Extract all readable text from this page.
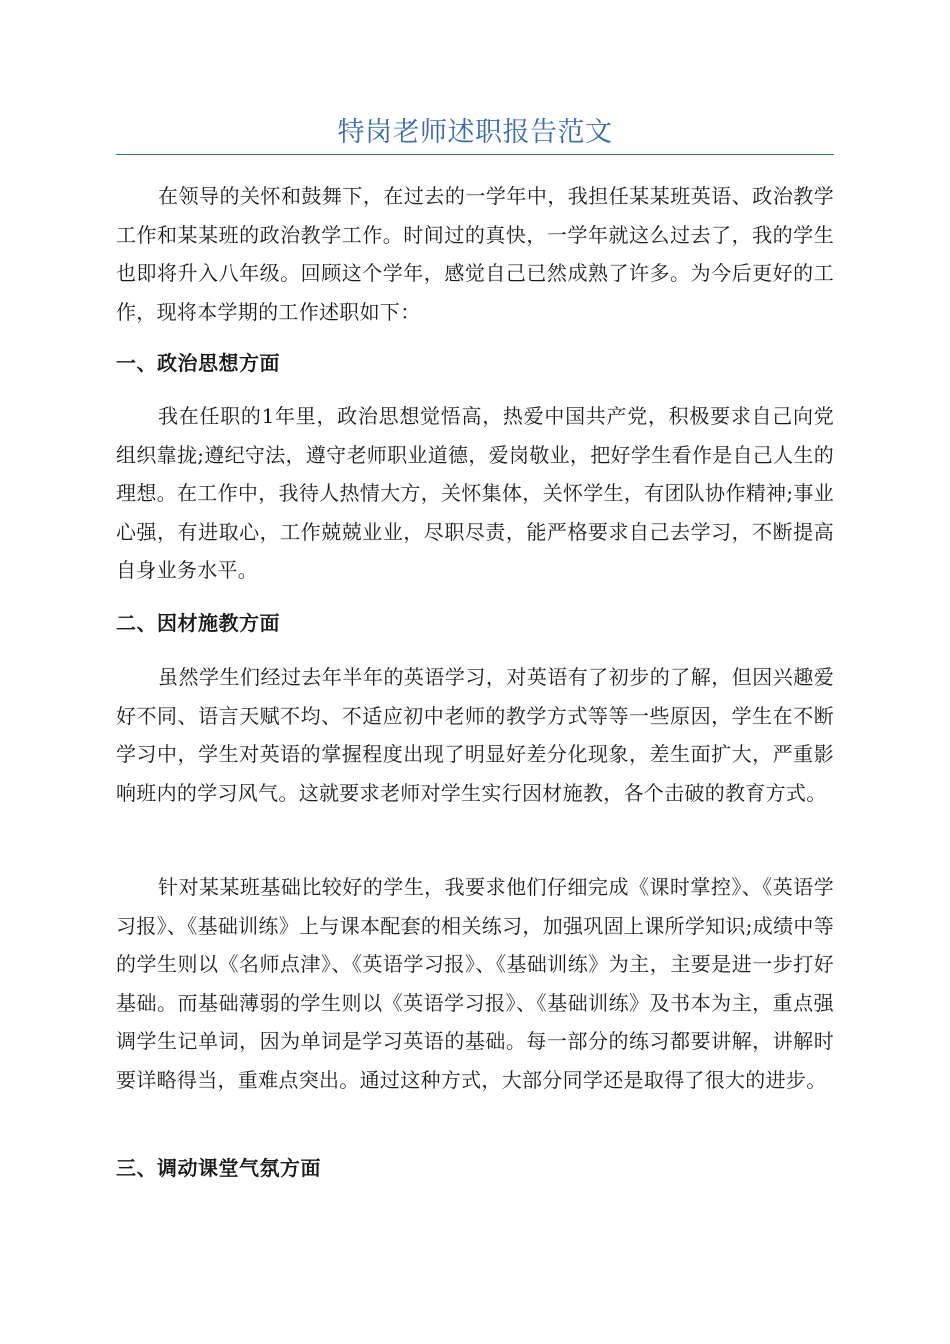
特岗老师述职报告范文

在领导的关怀和鼓舞下，在过去的一学年中，我担任某某班英语、政治教学工作和某某班的政治教学工作。时间过的真快，一学年就这么过去了，我的学生也即将升入八年级。回顾这个学年，感觉自己已然成熟了许多。为今后更好的工作，现将本学期的工作述职如下：

一、政治思想方面

我在任职的1年里，政治思想觉悟高，热爱中国共产党，积极要求自己向党组织靠拢;遵纪守法，遵守老师职业道德，爱岗敬业，把好学生看作是自己人生的理想。在工作中，我待人热情大方，关怀集体，关怀学生，有团队协作精神;事业心强，有进取心，工作兢兢业业，尽职尽责，能严格要求自己去学习，不断提高自身业务水平。

二、因材施教方面

虽然学生们经过去年半年的英语学习，对英语有了初步的了解，但因兴趣爱好不同、语言天赋不均、不适应初中老师的教学方式等等一些原因，学生在不断学习中，学生对英语的掌握程度出现了明显好差分化现象，差生面扩大，严重影响班内的学习风气。这就要求老师对学生实行因材施教，各个击破的教育方式。

针对某某班基础比较好的学生，我要求他们仔细完成《课时掌控》、《英语学习报》、《基础训练》上与课本配套的相关练习，加强巩固上课所学知识;成绩中等的学生则以《名师点津》、《英语学习报》、《基础训练》为主，主要是进一步打好基础。而基础薄弱的学生则以《英语学习报》、《基础训练》及书本为主，重点强调学生记单词，因为单词是学习英语的基础。每一部分的练习都要讲解，讲解时要详略得当，重难点突出。通过这种方式，大部分同学还是取得了很大的进步。

三、调动课堂气氛方面
